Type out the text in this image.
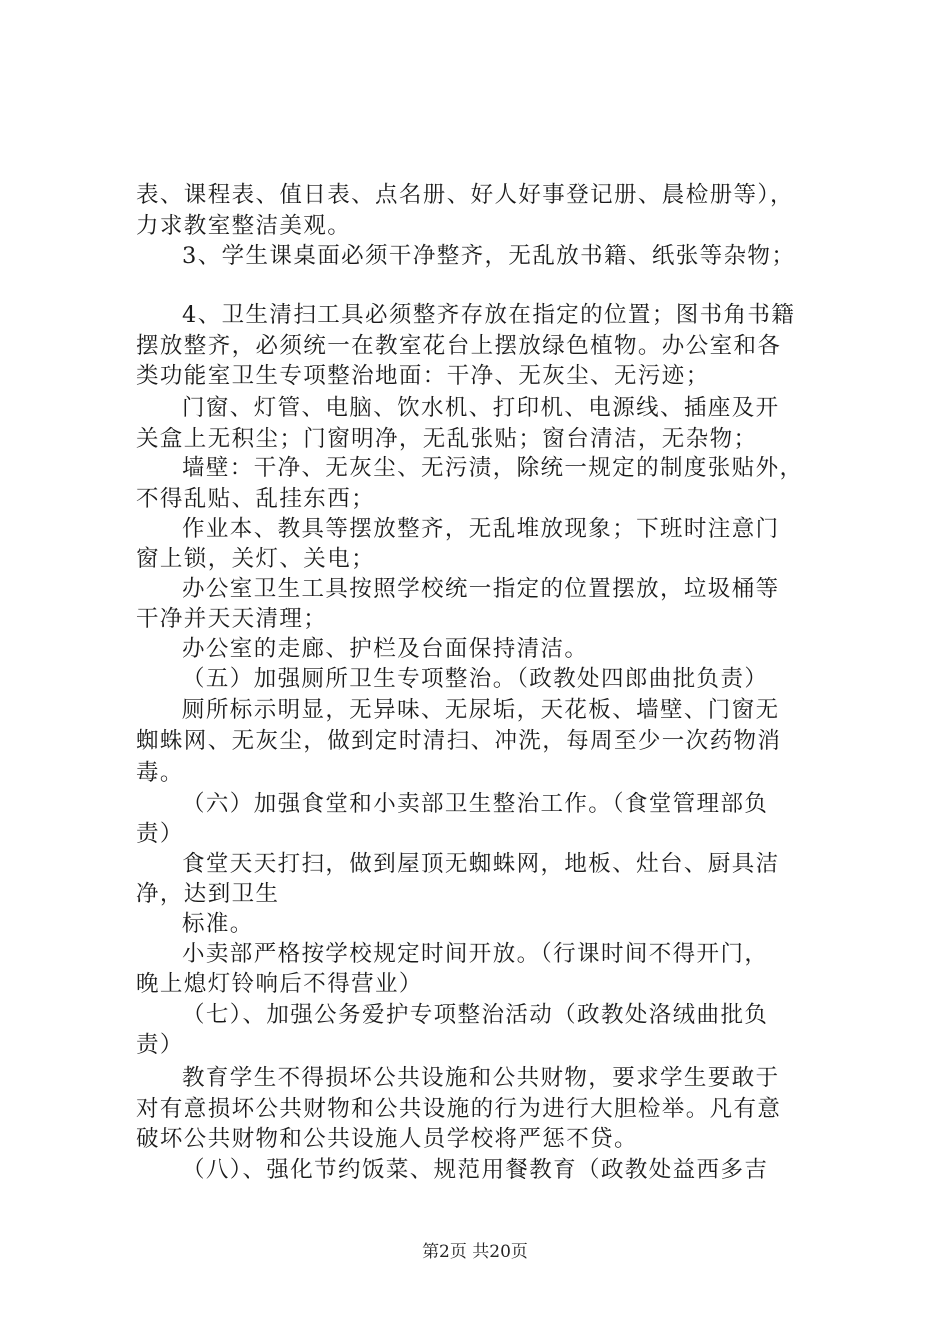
表、课程表、值日表、点名册、好人好事登记册、晨检册等），
力求教室整洁美观。
3、学生课桌面必须干净整齐，无乱放书籍、纸张等杂物；
4、卫生清扫工具必须整齐存放在指定的位置；图书角书籍
摆放整齐，必须统一在教室花台上摆放绿色植物。办公室和各
类功能室卫生专项整治地面：干净、无灰尘、无污迹；
门窗、灯管、电脑、饮水机、打印机、电源线、插座及开
关盒上无积尘；门窗明净，无乱张贴；窗台清洁，无杂物；
墙壁：干净、无灰尘、无污渍，除统一规定的制度张贴外，
不得乱贴、乱挂东西；
作业本、教具等摆放整齐，无乱堆放现象；下班时注意门
窗上锁，关灯、关电；
办公室卫生工具按照学校统一指定的位置摆放，垃圾桶等
干净并天天清理；
办公室的走廊、护栏及台面保持清洁。
（五）加强厕所卫生专项整治。（政教处四郎曲批负责）
厕所标示明显，无异味、无尿垢，天花板、墙壁、门窗无
蜘蛛网、无灰尘，做到定时清扫、冲洗，每周至少一次药物消
毒。
（六）加强食堂和小卖部卫生整治工作。（食堂管理部负
责）
食堂天天打扫，做到屋顶无蜘蛛网，地板、灶台、厨具洁
净，达到卫生
标准。
小卖部严格按学校规定时间开放。（行课时间不得开门，
晚上熄灯铃响后不得营业）
（七）、加强公务爱护专项整治活动（政教处洛绒曲批负
责）
教育学生不得损坏公共设施和公共财物，要求学生要敢于
对有意损坏公共财物和公共设施的行为进行大胆检举。凡有意
破坏公共财物和公共设施人员学校将严惩不贷。
（八）、强化节约饭菜、规范用餐教育（政教处益西多吉
第2页 共20页
